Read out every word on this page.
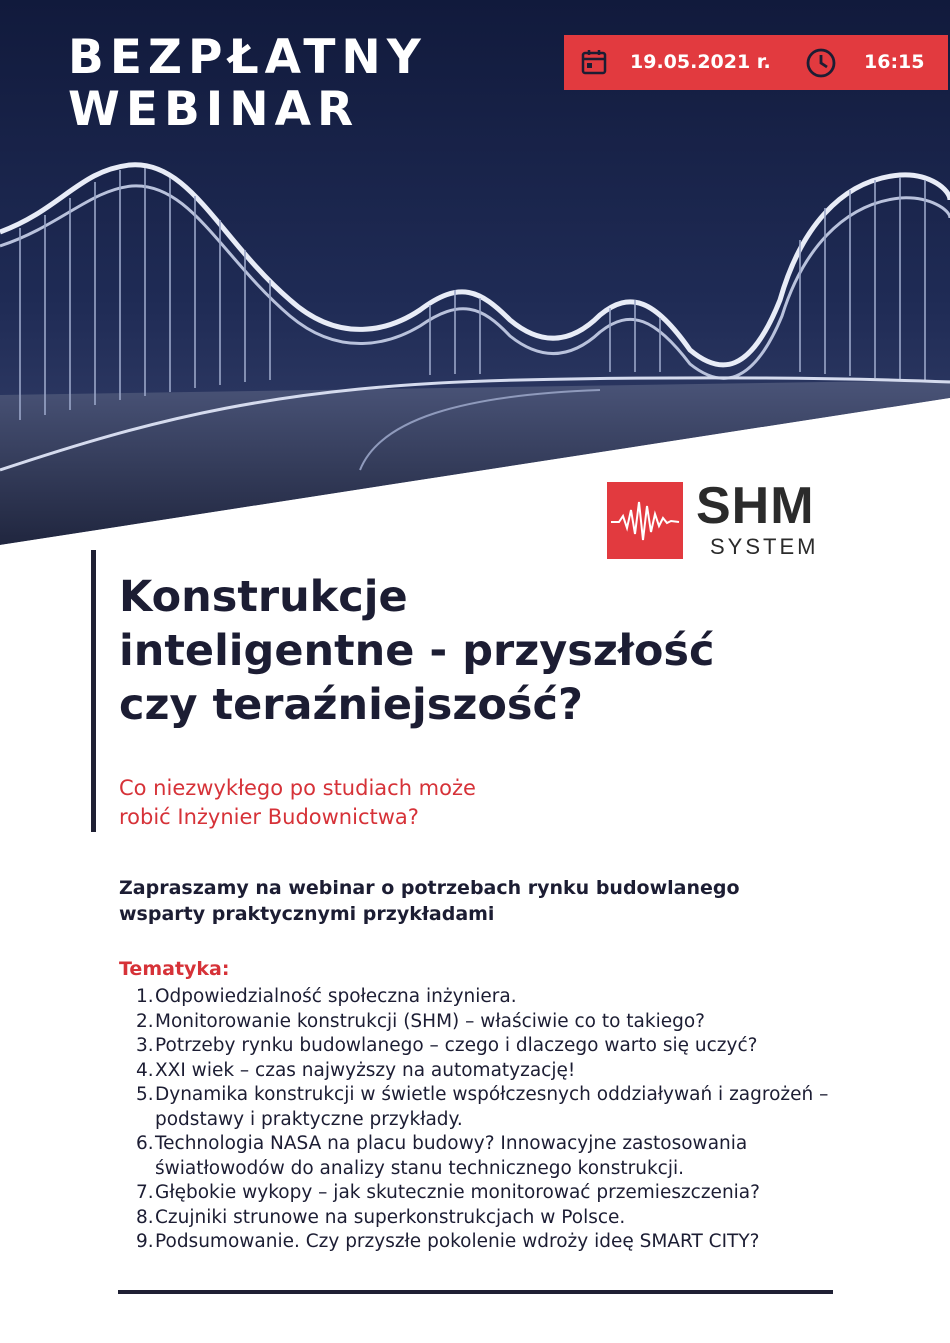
BEZPŁATNY
WEBINAR
19.05.2021 r.	16:15
SHM
SYSTEM
Konstrukcje
inteligentne - przyszłość
czy teraźniejszość?
Co niezwykłego po studiach może
robić Inżynier Budownictwa?
Zapraszamy na webinar o potrzebach rynku budowlanego
wsparty praktycznymi przykładami
Tematyka:
1. Odpowiedzialność społeczna inżyniera.
2. Monitorowanie konstrukcji (SHM) – właściwie co to takiego?
3. Potrzeby rynku budowlanego – czego i dlaczego warto się uczyć?
4. XXI wiek – czas najwyższy na automatyzację!
5. Dynamika konstrukcji w świetle współczesnych oddziaływań i zagrożeń – podstawy i praktyczne przykłady.
6. Technologia NASA na placu budowy? Innowacyjne zastosowania światłowodów do analizy stanu technicznego konstrukcji.
7. Głębokie wykopy – jak skutecznie monitorować przemieszczenia?
8. Czujniki strunowe na superkonstrukcjach w Polsce.
9. Podsumowanie. Czy przyszłe pokolenie wdroży ideę SMART CITY?
